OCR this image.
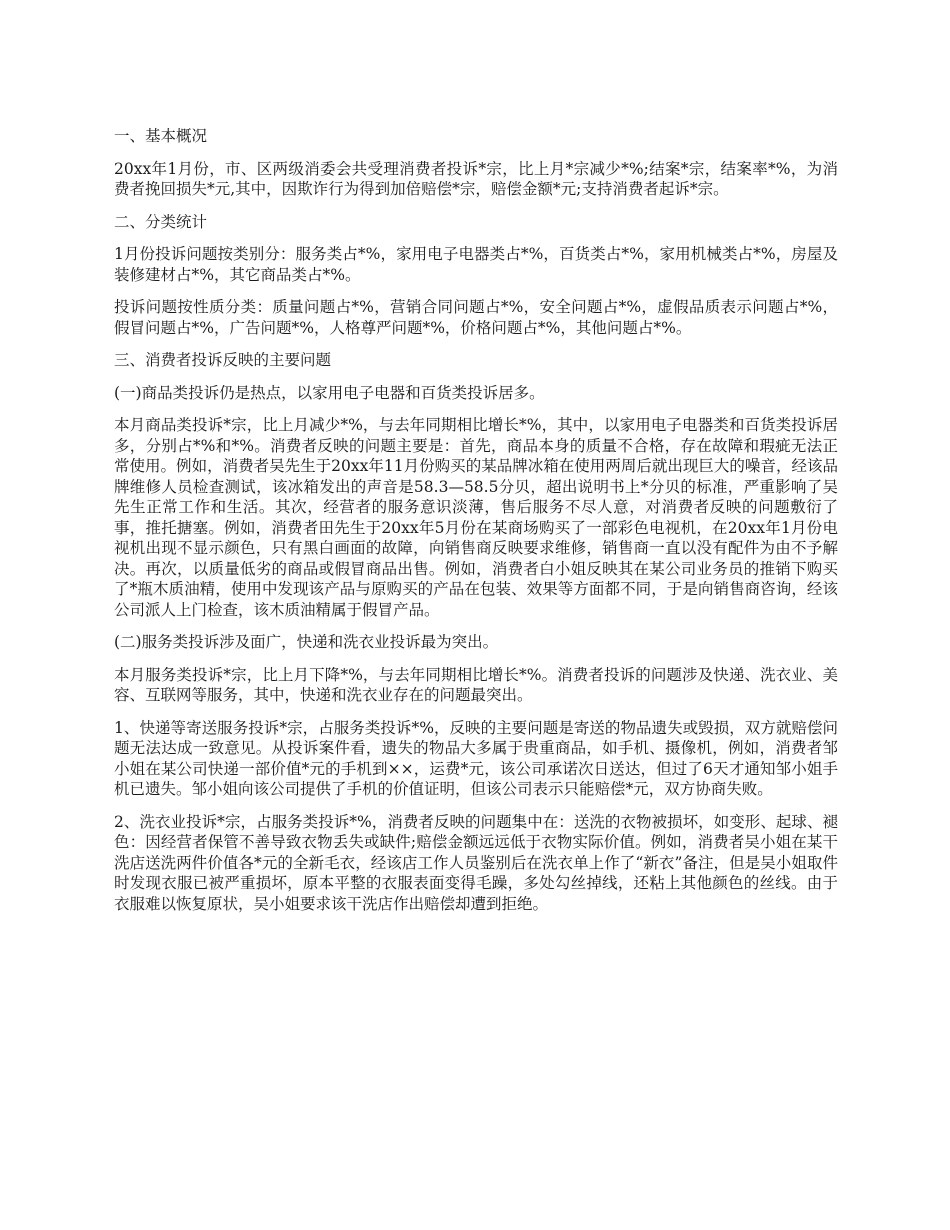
一、基本概况

20xx年1月份，市、区两级消委会共受理消费者投诉*宗，比上月*宗减少*%;结案*宗，结案率*%，为消费者挽回损失*元,其中，因欺诈行为得到加倍赔偿*宗，赔偿金额*元;支持消费者起诉*宗。

二、分类统计

1月份投诉问题按类别分：服务类占*%，家用电子电器类占*%，百货类占*%，家用机械类占*%，房屋及装修建材占*%，其它商品类占*%。

投诉问题按性质分类：质量问题占*%，营销合同问题占*%，安全问题占*%，虚假品质表示问题占*%，假冒问题占*%，广告问题*%，人格尊严问题*%，价格问题占*%，其他问题占*%。

三、消费者投诉反映的主要问题

(一)商品类投诉仍是热点，以家用电子电器和百货类投诉居多。

本月商品类投诉*宗，比上月减少*%，与去年同期相比增长*%，其中，以家用电子电器类和百货类投诉居多，分别占*%和*%。消费者反映的问题主要是：首先，商品本身的质量不合格，存在故障和瑕疵无法正常使用。例如，消费者吴先生于20xx年11月份购买的某品牌冰箱在使用两周后就出现巨大的噪音，经该品牌维修人员检查测试，该冰箱发出的声音是58.3—58.5分贝，超出说明书上*分贝的标准，严重影响了吴先生正常工作和生活。其次，经营者的服务意识淡薄，售后服务不尽人意，对消费者反映的问题敷衍了事，推托搪塞。例如，消费者田先生于20xx年5月份在某商场购买了一部彩色电视机，在20xx年1月份电视机出现不显示颜色，只有黑白画面的故障，向销售商反映要求维修，销售商一直以没有配件为由不予解决。再次，以质量低劣的商品或假冒商品出售。例如，消费者白小姐反映其在某公司业务员的推销下购买了*瓶木质油精，使用中发现该产品与原购买的产品在包装、效果等方面都不同，于是向销售商咨询，经该公司派人上门检查，该木质油精属于假冒产品。

(二)服务类投诉涉及面广，快递和洗衣业投诉最为突出。

本月服务类投诉*宗，比上月下降*%，与去年同期相比增长*%。消费者投诉的问题涉及快递、洗衣业、美容、互联网等服务，其中，快递和洗衣业存在的问题最突出。

1、快递等寄送服务投诉*宗，占服务类投诉*%，反映的主要问题是寄送的物品遗失或毁损，双方就赔偿问题无法达成一致意见。从投诉案件看，遗失的物品大多属于贵重商品，如手机、摄像机，例如，消费者邹小姐在某公司快递一部价值*元的手机到××，运费*元，该公司承诺次日送达，但过了6天才通知邹小姐手机已遗失。邹小姐向该公司提供了手机的价值证明，但该公司表示只能赔偿*元，双方协商失败。

2、洗衣业投诉*宗，占服务类投诉*%，消费者反映的问题集中在：送洗的衣物被损坏，如变形、起球、褪色：因经营者保管不善导致衣物丢失或缺件;赔偿金额远远低于衣物实际价值。例如，消费者吴小姐在某干洗店送洗两件价值各*元的全新毛衣，经该店工作人员鉴别后在洗衣单上作了“新衣”备注，但是吴小姐取件时发现衣服已被严重损坏，原本平整的衣服表面变得毛躁，多处勾丝掉线，还粘上其他颜色的丝线。由于衣服难以恢复原状，吴小姐要求该干洗店作出赔偿却遭到拒绝。
